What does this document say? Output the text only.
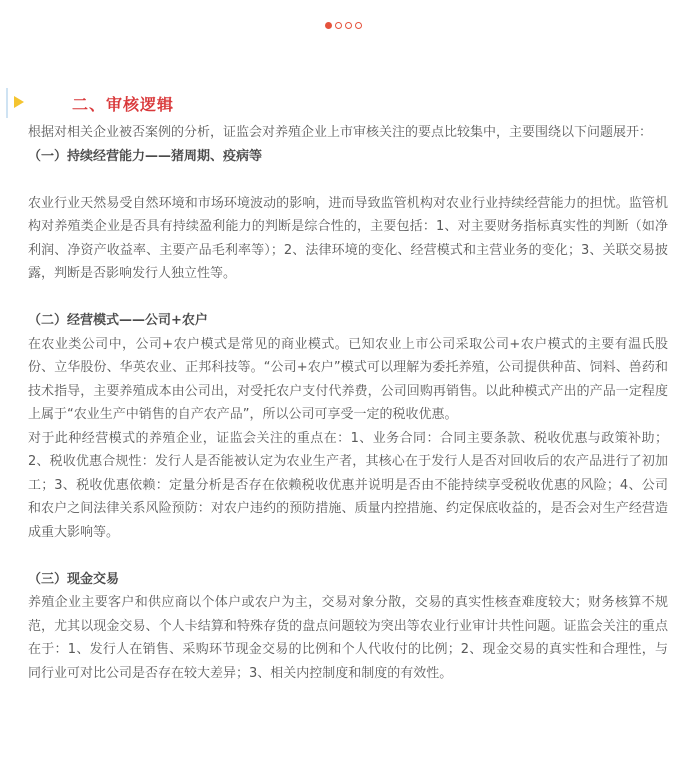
二、审核逻辑

根据对相关企业被否案例的分析，证监会对养殖企业上市审核关注的要点比较集中，主要围绕以下问题展开：

（一）持续经营能力——猪周期、疫病等

农业行业天然易受自然环境和市场环境波动的影响，进而导致监管机构对农业行业持续经营能力的担忧。监管机构对养殖类企业是否具有持续盈利能力的判断是综合性的，主要包括：1、对主要财务指标真实性的判断（如净利润、净资产收益率、主要产品毛利率等）；2、法律环境的变化、经营模式和主营业务的变化；3、关联交易披露，判断是否影响发行人独立性等。

（二）经营模式——公司+农户

在农业类公司中，公司+农户模式是常见的商业模式。已知农业上市公司采取公司+农户模式的主要有温氏股份、立华股份、华英农业、正邦科技等。“公司+农户”模式可以理解为委托养殖，公司提供种苗、饲料、兽药和技术指导，主要养殖成本由公司出，对受托农户支付代养费，公司回购再销售。以此种模式产出的产品一定程度上属于“农业生产中销售的自产农产品”，所以公司可享受一定的税收优惠。

对于此种经营模式的养殖企业，证监会关注的重点在：1、业务合同：合同主要条款、税收优惠与政策补助；2、税收优惠合规性：发行人是否能被认定为农业生产者，其核心在于发行人是否对回收后的农产品进行了初加工；3、税收优惠依赖：定量分析是否存在依赖税收优惠并说明是否由不能持续享受税收优惠的风险；4、公司和农户之间法律关系风险预防：对农户违约的预防措施、质量内控措施、约定保底收益的，是否会对生产经营造成重大影响等。

（三）现金交易

养殖企业主要客户和供应商以个体户或农户为主，交易对象分散，交易的真实性核查难度较大；财务核算不规范，尤其以现金交易、个人卡结算和特殊存货的盘点问题较为突出等农业行业审计共性问题。证监会关注的重点在于：1、发行人在销售、采购环节现金交易的比例和个人代收付的比例；2、现金交易的真实性和合理性，与同行业可对比公司是否存在较大差异；3、相关内控制度和制度的有效性。
